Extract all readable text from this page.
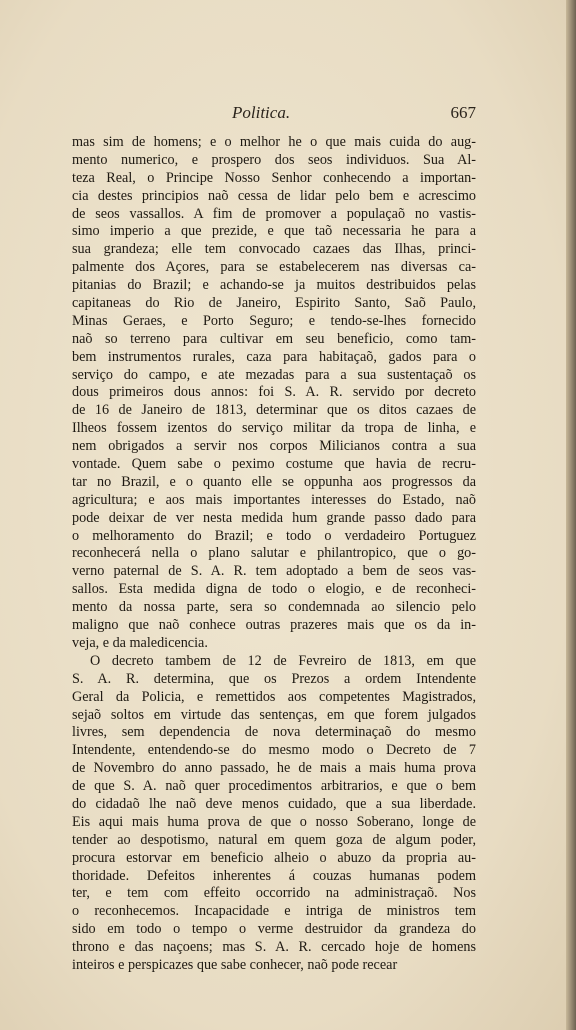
Politica.	667
mas sim de homens; e o melhor he o que mais cuida do aug-
mento numerico, e prospero dos seos individuos. Sua Al-
teza Real, o Principe Nosso Senhor conhecendo a importan-
cia destes principios naõ cessa de lidar pelo bem e acrescimo
de seos vassallos. A fim de promover a populaçaõ no vastis-
simo imperio a que prezide, e que taõ necessaria he para a
sua grandeza; elle tem convocado cazaes das Ilhas, princi-
palmente dos Açores, para se estabelecerem nas diversas ca-
pitanias do Brazil; e achando-se ja muitos destribuidos pelas
capitaneas do Rio de Janeiro, Espirito Santo, Saõ Paulo,
Minas Geraes, e Porto Seguro; e tendo-se-lhes fornecido
naõ so terreno para cultivar em seu beneficio, como tam-
bem instrumentos rurales, caza para habitaçaõ, gados para o
serviço do campo, e ate mezadas para a sua sustentaçaõ os
dous primeiros dous annos: foi S. A. R. servido por decreto
de 16 de Janeiro de 1813, determinar que os ditos cazaes de
Ilheos fossem izentos do serviço militar da tropa de linha, e
nem obrigados a servir nos corpos Milicianos contra a sua
vontade. Quem sabe o peximo costume que havia de recru-
tar no Brazil, e o quanto elle se oppunha aos progressos da
agricultura; e aos mais importantes interesses do Estado, naõ
pode deixar de ver nesta medida hum grande passo dado para
o melhoramento do Brazil; e todo o verdadeiro Portuguez
reconhecerá nella o plano salutar e philantropico, que o go-
verno paternal de S. A. R. tem adoptado a bem de seos vas-
sallos. Esta medida digna de todo o elogio, e de reconheci-
mento da nossa parte, sera so condemnada ao silencio pelo
maligno que naõ conhece outras prazeres mais que os da in-
veja, e da maledicencia.
O decreto tambem de 12 de Fevreiro de 1813, em que
S. A. R. determina, que os Prezos a ordem Intendente
Geral da Policia, e remettidos aos competentes Magistrados,
sejaõ soltos em virtude das sentenças, em que forem julgados
livres, sem dependencia de nova determinaçaõ do mesmo
Intendente, entendendo-se do mesmo modo o Decreto de 7
de Novembro do anno passado, he de mais a mais huma prova
de que S. A. naõ quer procedimentos arbitrarios, e que o bem
do cidadaõ lhe naõ deve menos cuidado, que a sua liberdade.
Eis aqui mais huma prova de que o nosso Soberano, longe de
tender ao despotismo, natural em quem goza de algum poder,
procura estorvar em beneficio alheio o abuzo da propria au-
thoridade. Defeitos inherentes á couzas humanas podem
ter, e tem com effeito occorrido na administraçaõ. Nos
o reconhecemos. Incapacidade e intriga de ministros tem
sido em todo o tempo o verme destruidor da grandeza do
throno e das naçoens; mas S. A. R. cercado hoje de homens
inteiros e perspicazes que sabe conhecer, naõ pode recear
